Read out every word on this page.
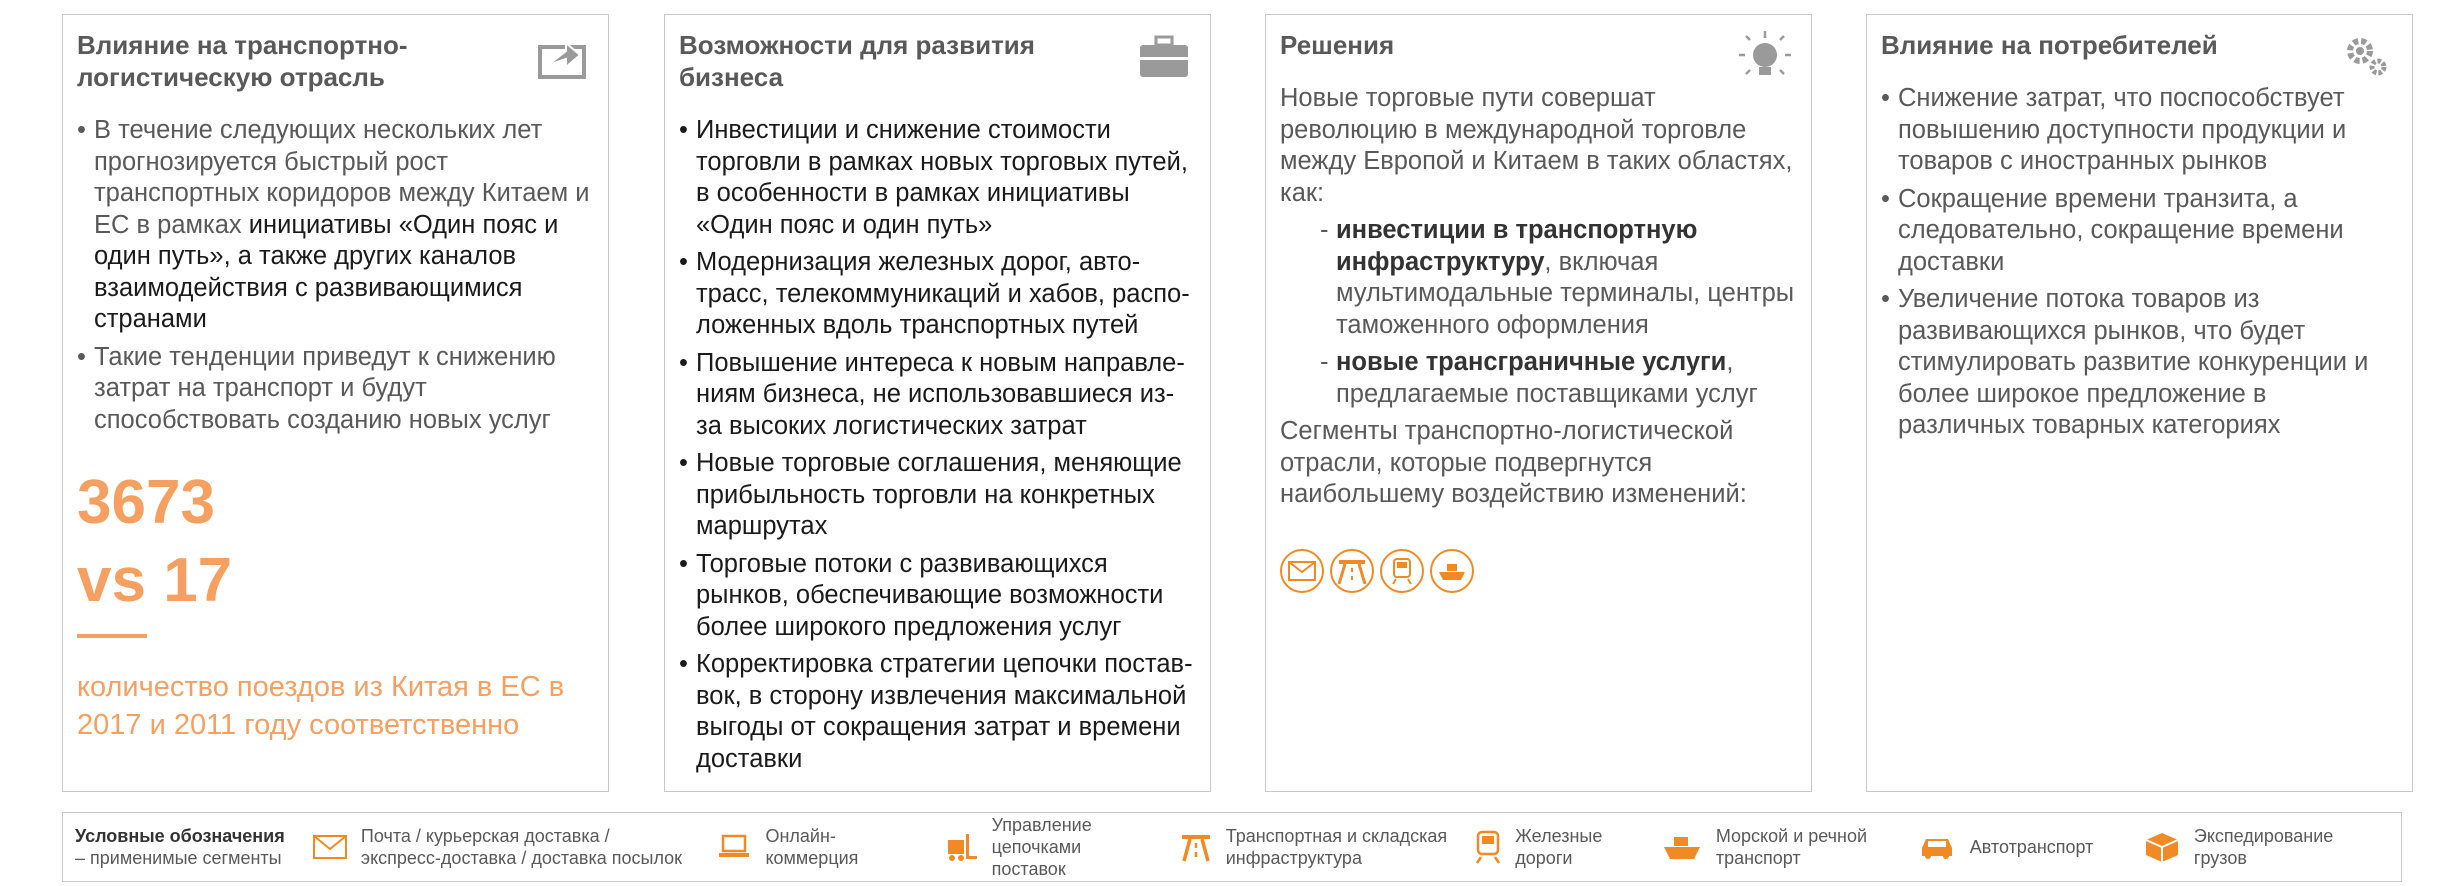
Влияние на транспортно-логистическую отрасль
• В течение следующих нескольких лет прогнозируется быстрый рост транспортных коридоров между Китаем и ЕС в рамках инициативы «Один пояс и один путь», а также других каналов взаимодействия с развивающимися странами
• Такие тенденции приведут к снижению затрат на транспорт и будут способствовать созданию новых услуг
3673
vs 17
количество поездов из Китая в ЕС в 2017 и 2011 году соответственно
Возможности для развития бизнеса
• Инвестиции и снижение стоимости торговли в рамках новых торговых путей, в особенности в рамках инициативы «Один пояс и один путь»
• Модернизация железных дорог, авто-трасс, телекоммуникаций и хабов, распо-ложенных вдоль транспортных путей
• Повышение интереса к новым направле-ниям бизнеса, не использовавшиеся из-за высоких логистических затрат
• Новые торговые соглашения, меняющие прибыльность торговли на конкретных маршрутах
• Торговые потоки с развивающихся рынков, обеспечивающие возможности более широкого предложения услуг
• Корректировка стратегии цепочки постав-вок, в сторону извлечения максимальной выгоды от сокращения затрат и времени доставки
Решения

Новые торговые пути совершат революцию в международной торговле между Европой и Китаем в таких областях, как:

- инвестиции в транспортную инфраструктуру, включая мультимодальные терминалы, центры таможенного оформления
- новые трансграничные услуги, предлагаемые поставщиками услуг

Сегменты транспортно-логистической отрасли, которые подвергнутся наибольшему воздействию изменений:

Влияние на потребителей
• Снижение затрат, что поспособствует повышению доступности продукции и товаров с иностранных рынков
• Сокращение времени транзита, а следовательно, сокращение времени доставки
• Увеличение потока товаров из развивающихся рынков, что будет стимулировать развитие конкуренции и более широкое предложение в различных товарных категориях
Условные обозначения
– применимые сегменты
Почта / курьерская доставка / экспресс-доставка / доставка посылок
Онлайн-коммерция
Управление цепочками поставок
Транспортная и складская инфраструктура
Железные дороги
Морской и речной транспорт
Автотранспорт
Экспедирование грузов
